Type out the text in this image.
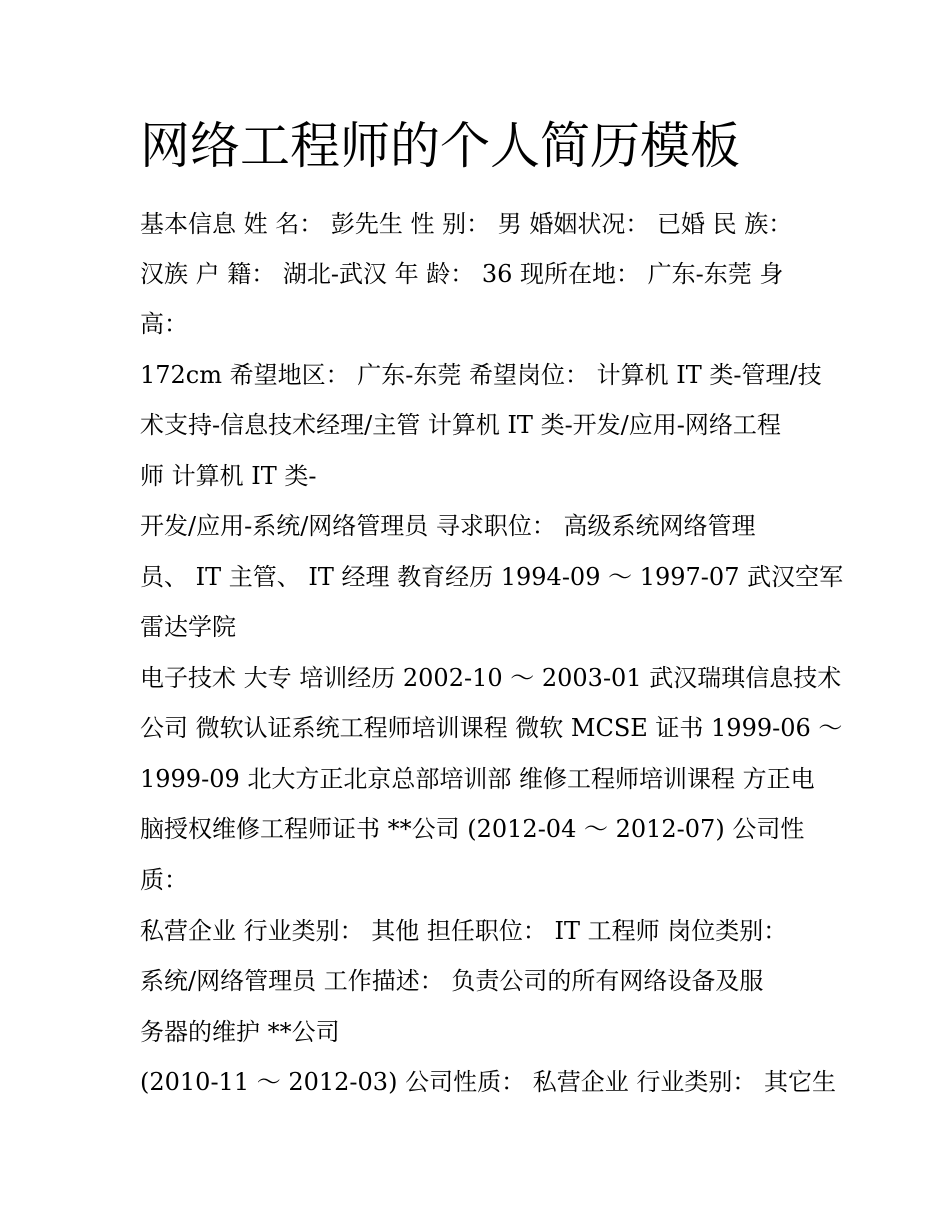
网络工程师的个人简历模板

基本信息 姓 名： 彭先生 性 别： 男 婚姻状况： 已婚 民 族：

汉族 户 籍： 湖北-武汉 年 龄： 36 现所在地： 广东-东莞 身

高：

172cm 希望地区： 广东-东莞 希望岗位： 计算机 IT 类-管理/技

术支持-信息技术经理/主管 计算机 IT 类-开发/应用-网络工程

师 计算机 IT 类-

开发/应用-系统/网络管理员 寻求职位： 高级系统网络管理

员、 IT 主管、 IT 经理 教育经历 1994-09 ～ 1997-07 武汉空军

雷达学院

电子技术 大专 培训经历 2002-10 ～ 2003-01 武汉瑞琪信息技术

公司 微软认证系统工程师培训课程 微软 MCSE 证书 1999-06 ～

1999-09 北大方正北京总部培训部 维修工程师培训课程 方正电

脑授权维修工程师证书 **公司 (2012-04 ～ 2012-07) 公司性

质：

私营企业 行业类别： 其他 担任职位： IT 工程师 岗位类别：

系统/网络管理员 工作描述： 负责公司的所有网络设备及服

务器的维护 **公司

(2010-11 ～ 2012-03) 公司性质： 私营企业 行业类别： 其它生
